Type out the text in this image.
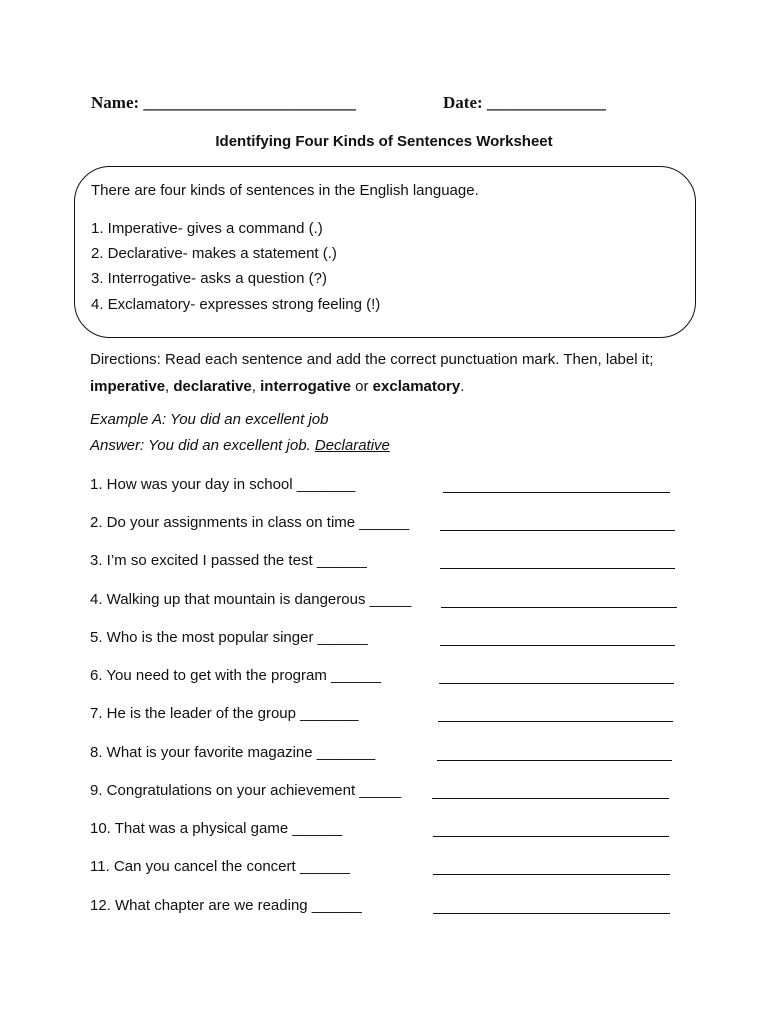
Name: _________________________	Date: ______________
Identifying Four Kinds of Sentences Worksheet
There are four kinds of sentences in the English language.
1. Imperative- gives a command (.)
2. Declarative- makes a statement (.)
3. Interrogative- asks a question (?)
4. Exclamatory- expresses strong feeling (!)
Directions: Read each sentence and add the correct punctuation mark. Then, label it; imperative, declarative, interrogative or exclamatory.
Example A: You did an excellent job
Answer: You did an excellent job. Declarative
1. How was your day in school _______
2. Do your assignments in class on time ______
3. I’m so excited I passed the test ______
4. Walking up that mountain is dangerous _____
5. Who is the most popular singer ______
6. You need to get with the program ______
7. He is the leader of the group _______
8. What is your favorite magazine _______
9. Congratulations on your achievement _____
10. That was a physical game ______
11. Can you cancel the concert ______
12. What chapter are we reading ______
